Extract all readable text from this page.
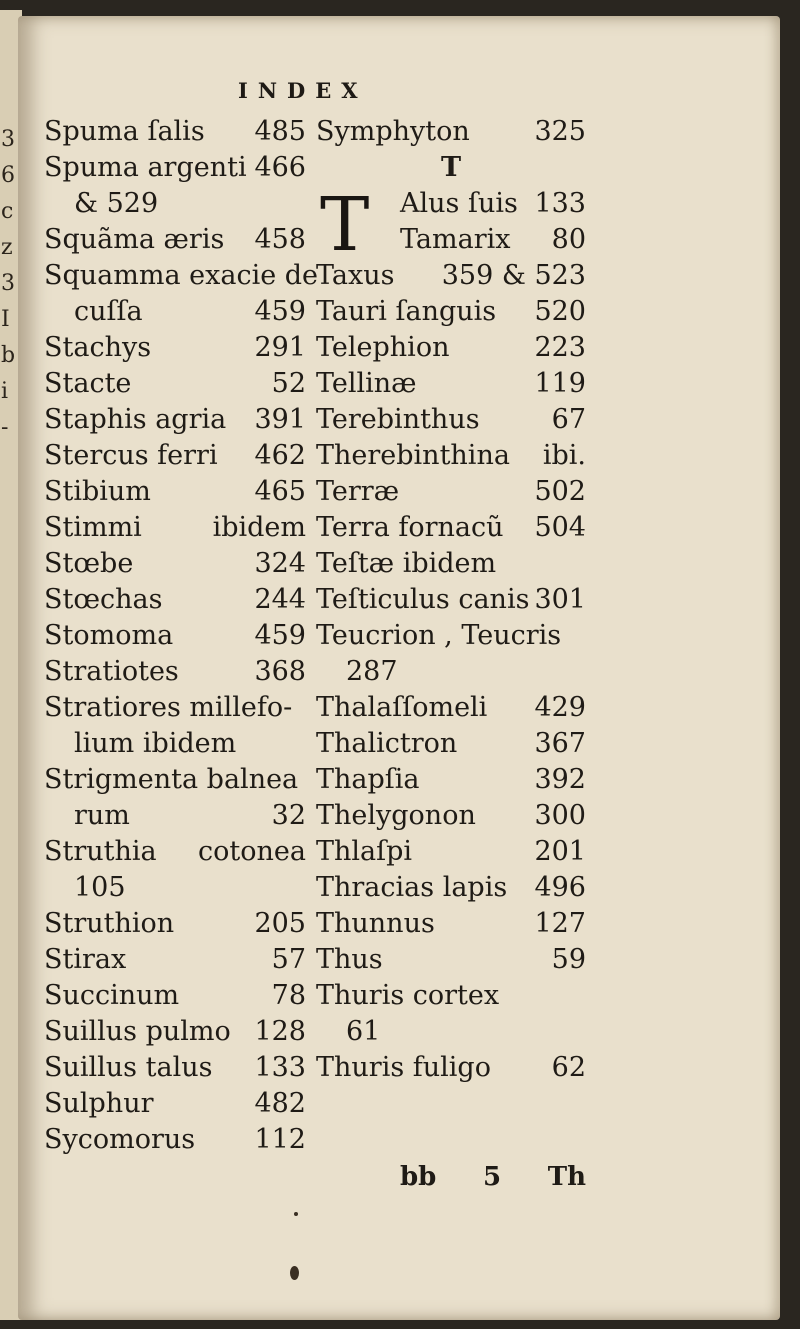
3
6
c
z
3
I
b
i
-
INDEX
Spuma ſalis 485
Spuma argenti 466
& 529
Squãma æris 458
Squamma exacie de
cuſſa	459
Stachys	291
Stacte	52
Staphis agria 391
Stercus ferri 462
Stibium	465
Stimmi	ibidem
Stœbe	324
Stœchas	244
Stomoma	459
Stratiotes	368
Stratiores millefo-
lium ibidem
Strigmenta balnea
rum	32
Struthia cotonea
105
Struthion	205
Stirax	57
Succinum	78
Suillus pulmo 128
Suillus talus 133
Sulphur	482
Sycomorus 112
Symphyton 325
T
T Alus ſuis 133
Tamarix 80
Taxus 359 & 523
Tauri ſanguis 520
Telephion	223
Tellinæ	119
Terebinthus	67
Therebinthina ibi.
Terræ	502
Terra fornacũ 504
Teſtæ ibidem
Teſticulus canis 301
Teucrion , Teucris
287
Thalaſſomeli 429
Thalictron	367
Thapſia	392
Thelygonon 300
Thlaſpi	201
Thracias lapis 496
Thunnus	127
Thus	59
Thuris cortex
61
Thuris fuligo 62
bb 5 Th
